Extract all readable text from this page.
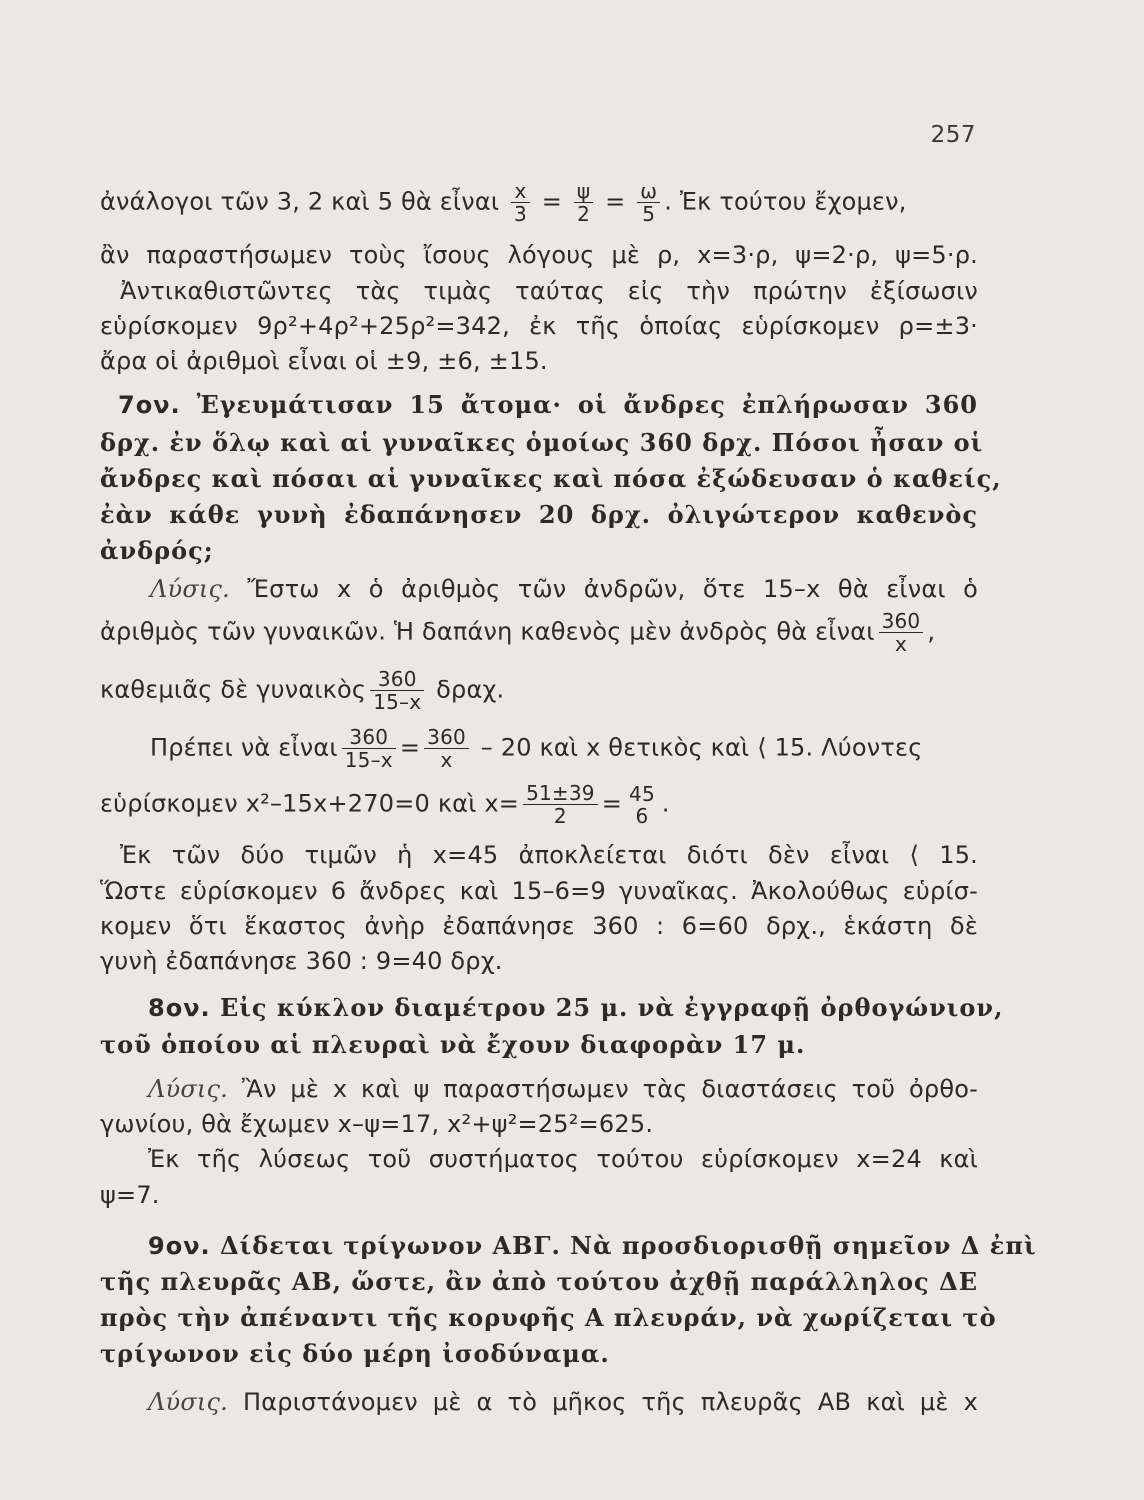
257
ἀνάλογοι τῶν 3, 2 καὶ 5 θὰ εἶναι $\frac{x}{3} = \frac{\psi}{2} = \frac{\omega}{5}$ . Ἐκ τούτου ἔχομεν,
ἂν παραστήσωμεν τοὺς ἴσους λόγους μὲ ρ, x=3·ρ, ψ=2·ρ, ψ=5·ρ.
Ἀντικαθιστῶντες τὰς τιμὰς ταύτας εἰς τὴν πρώτην ἐξίσωσιν
εὑρίσκομεν 9ρ²+4ρ²+25ρ²=342, ἐκ τῆς ὁποίας εὑρίσκομεν ρ=±3·
ἄρα οἱ ἀριθμοὶ εἶναι οἱ ±9, ±6, ±15.
7ον. Ἐγευμάτισαν 15 ἄτομα· οἱ ἄνδρες ἐπλήρωσαν 360
δρχ. ἐν ὅλῳ καὶ αἱ γυναῖκες ὁμοίως 360 δρχ. Πόσοι ἦσαν οἱ
ἄνδρες καὶ πόσαι αἱ γυναῖκες καὶ πόσα ἐξώδευσαν ὁ καθείς,
ἐὰν κάθε γυνὴ ἐδαπάνησεν 20 δρχ. ὀλιγώτερον καθενὸς
ἀνδρός;
Λύσις. Ἔστω x ὁ ἀριθμὸς τῶν ἀνδρῶν, ὅτε 15–x θὰ εἶναι ὁ
ἀριθμὸς τῶν γυναικῶν. Ἡ δαπάνη καθενὸς μὲν ἀνδρὸς θὰ εἶναι $\frac{360}{x}$ ,
καθεμιᾶς δὲ γυναικὸς $\frac{360}{15-x} \delta\rho\alpha\chi$.
Πρέπει νὰ εἶναι $\frac{360}{15-x} = \frac{360}{x} - 20$ καὶ x θετικὸς καὶ ⟨ 15. Λύοντες
εὑρίσκομεν x²–15x+270=0 καὶ $x= \frac{51\pm 39}{2} = 45$
6 .
Ἐκ τῶν δύο τιμῶν ἡ x=45 ἀποκλείεται διότι δὲν εἶναι ⟨ 15.
Ὥστε εὑρίσκομεν 6 ἄνδρες καὶ 15–6=9 γυναῖκας. Ἀκολούθως εὑρίσ-
κομεν ὅτι ἕκαστος ἀνὴρ ἐδαπάνησε 360 : 6=60 δρχ., ἑκάστη δὲ
γυνὴ ἐδαπάνησε 360 : 9=40 δρχ.
8ον. Εἰς κύκλον διαμέτρου 25 μ. νὰ ἐγγραφῇ ὀρθογώνιον,
τοῦ ὁποίου αἱ πλευραὶ νὰ ἔχουν διαφορὰν 17 μ.
Λύσις. Ἂν μὲ x καὶ ψ παραστήσωμεν τὰς διαστάσεις τοῦ ὀρθο-
γωνίου, θὰ ἔχωμεν x–ψ=17, x²+ψ²=25²=625.
Ἐκ τῆς λύσεως τοῦ συστήματος τούτου εὑρίσκομεν x=24 καὶ
ψ=7.
9ον. Δίδεται τρίγωνον ΑΒΓ. Νὰ προσδιορισθῇ σημεῖον Δ ἐπὶ
τῆς πλευρᾶς ΑΒ, ὥστε, ἂν ἀπὸ τούτου ἀχθῇ παράλληλος ΔΕ
πρὸς τὴν ἀπέναντι τῆς κορυφῆς Α πλευράν, νὰ χωρίζεται τὸ
τρίγωνον εἰς δύο μέρη ἰσοδύναμα.
Λύσις. Παριστάνομεν μὲ α τὸ μῆκος τῆς πλευρᾶς ΑΒ καὶ μὲ x
